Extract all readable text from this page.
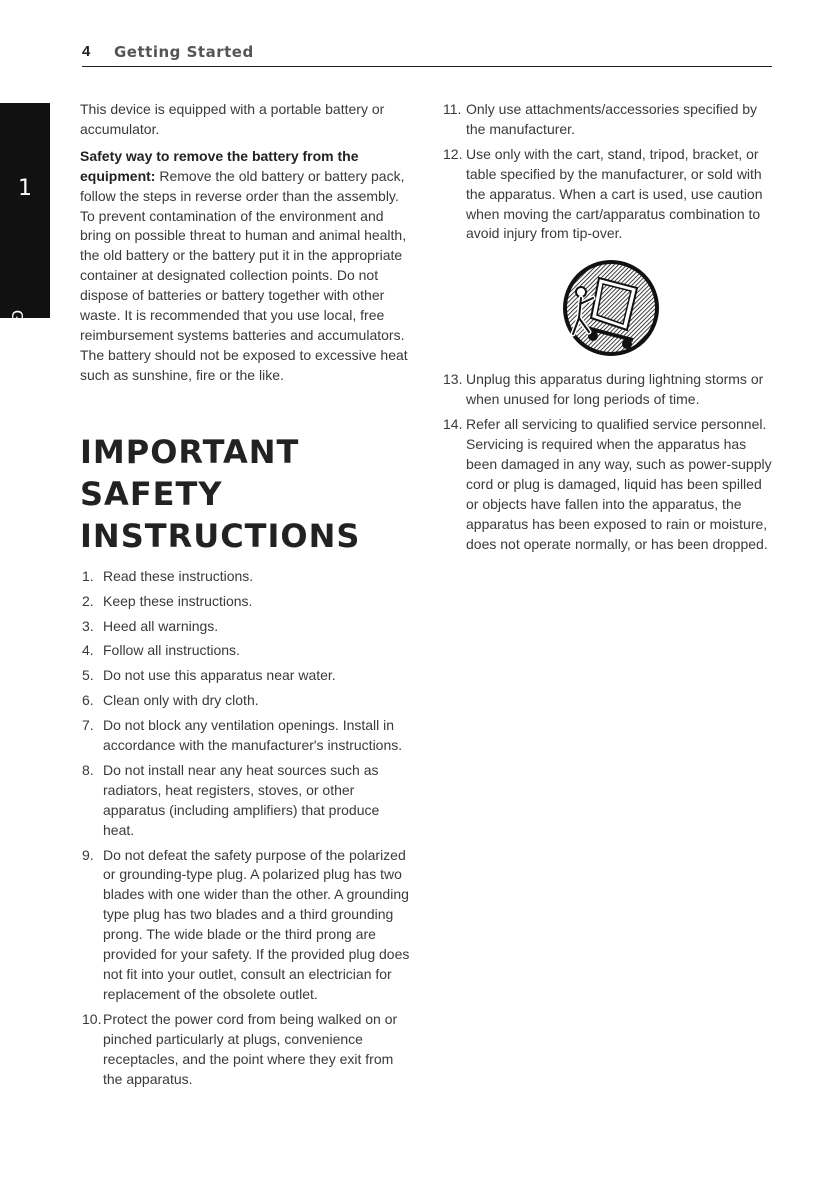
4 Getting Started
1
Getting Started

This device is equipped with a portable battery or accumulator.

Safety way to remove the battery from the equipment: Remove the old battery or battery pack, follow the steps in reverse order than the assembly. To prevent contamination of the environment and bring on possible threat to human and animal health, the old battery or the battery put it in the appropriate container at designated collection points. Do not dispose of batteries or battery together with other waste. It is recommended that you use local, free reimbursement systems batteries and accumulators. The battery should not be exposed to excessive heat such as sunshine, fire or the like.

IMPORTANT SAFETY INSTRUCTIONS
1. Read these instructions.
2. Keep these instructions.
3. Heed all warnings.
4. Follow all instructions.
5. Do not use this apparatus near water.
6. Clean only with dry cloth.
7. Do not block any ventilation openings. Install in accordance with the manufacturer's instructions.
8. Do not install near any heat sources such as radiators, heat registers, stoves, or other apparatus (including amplifiers) that produce heat.
9. Do not defeat the safety purpose of the polarized or grounding-type plug. A polarized plug has two blades with one wider than the other. A grounding type plug has two blades and a third grounding prong. The wide blade or the third prong are provided for your safety. If the provided plug does not fit into your outlet, consult an electrician for replacement of the obsolete outlet.
10. Protect the power cord from being walked on or pinched particularly at plugs, convenience receptacles, and the point where they exit from the apparatus.
11. Only use attachments/accessories specified by the manufacturer.
12. Use only with the cart, stand, tripod, bracket, or table specified by the manufacturer, or sold with the apparatus. When a cart is used, use caution when moving the cart/apparatus combination to avoid injury from tip-over.
13. Unplug this apparatus during lightning storms or when unused for long periods of time.
14. Refer all servicing to qualified service personnel. Servicing is required when the apparatus has been damaged in any way, such as power-supply cord or plug is damaged, liquid has been spilled or objects have fallen into the apparatus, the apparatus has been exposed to rain or moisture, does not operate normally, or has been dropped.
